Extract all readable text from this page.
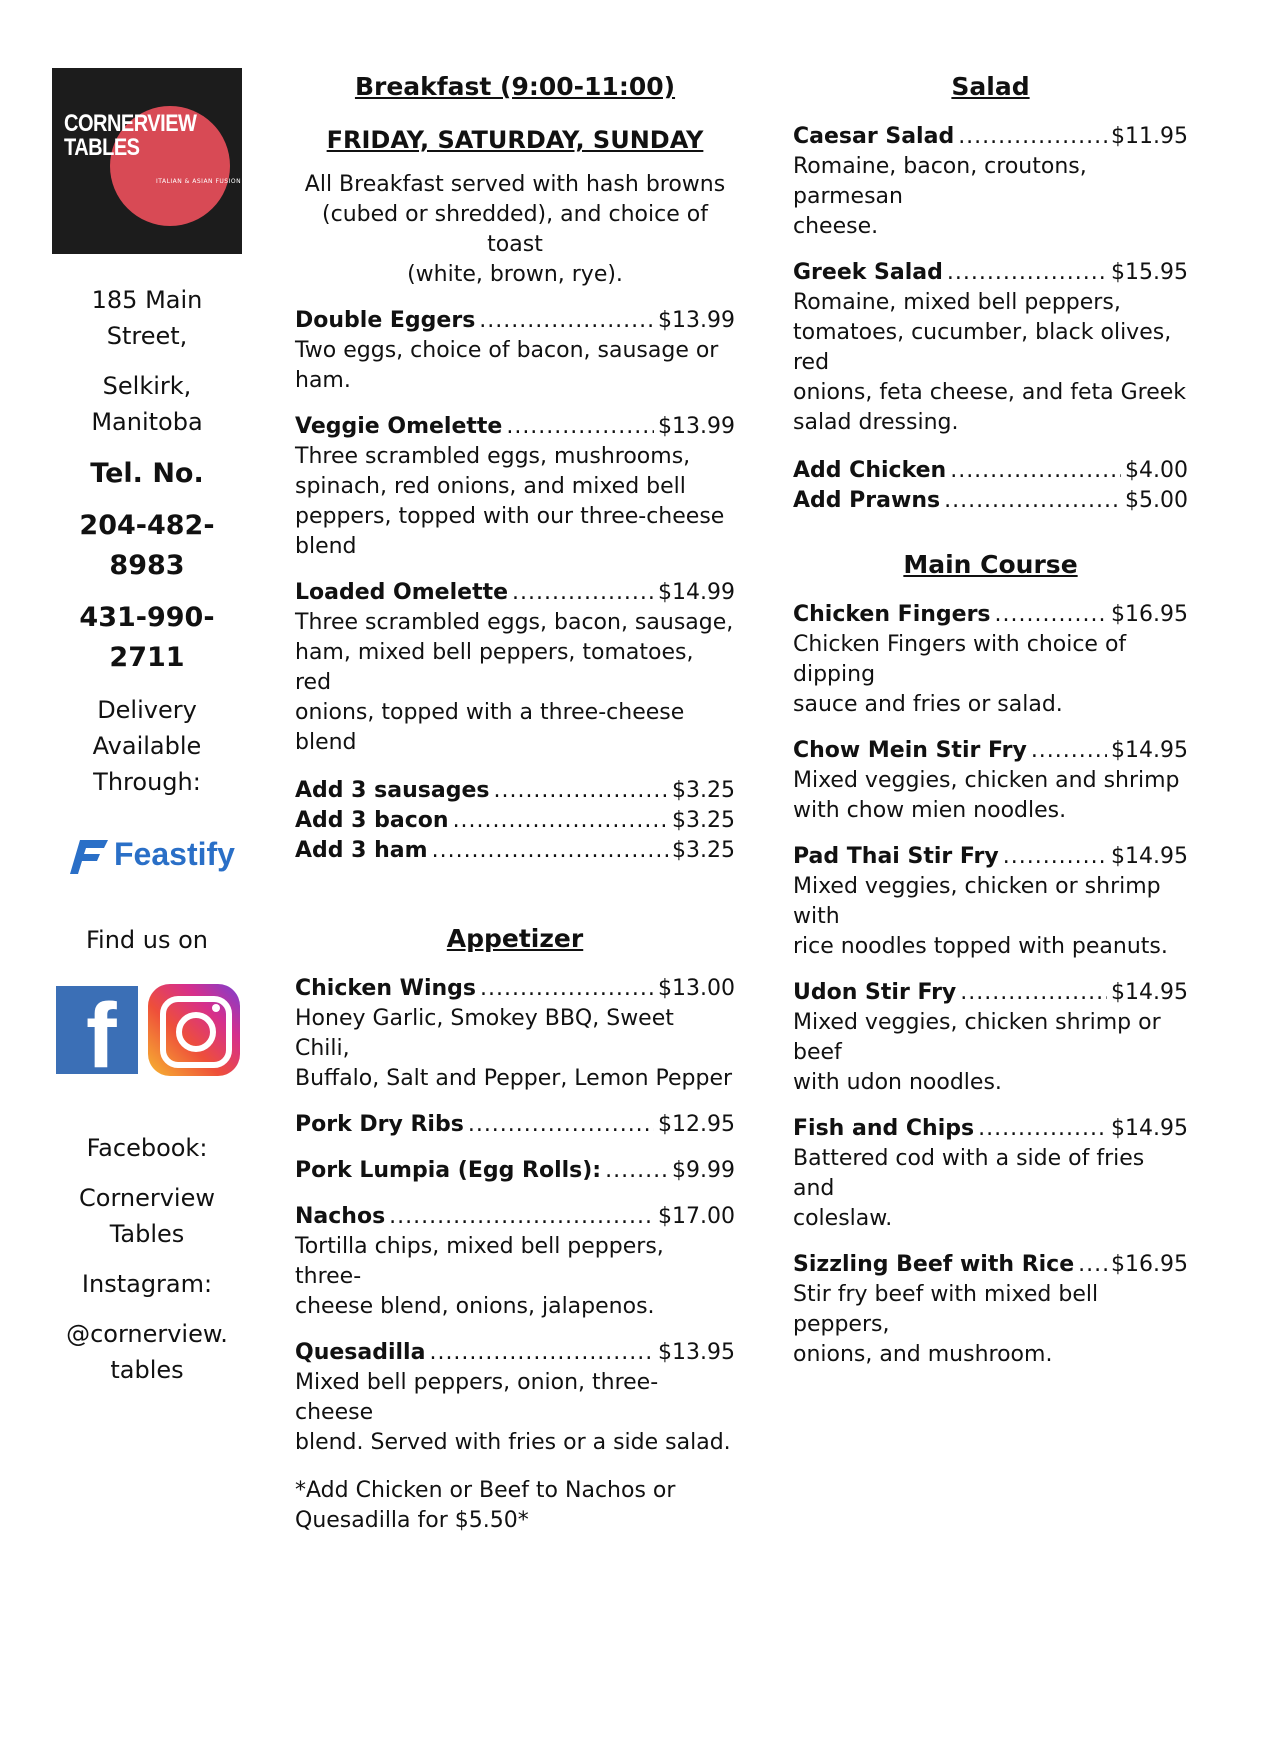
CORNERVIEW
TABLES
ITALIAN & ASIAN FUSION
185 Main
Street,
Selkirk,
Manitoba
Tel. No.
204-482-
8983
431-990-
2711
Delivery
Available
Through:
Feastify
Find us on
f
Facebook:
Cornerview
Tables
Instagram:
@cornerview.
tables
Breakfast (9:00-11:00)
FRIDAY, SATURDAY, SUNDAY
All Breakfast served with hash browns
(cubed or shredded), and choice of toast
(white, brown, rye).
Double Eggers .....	$13.99
Two eggs, choice of bacon, sausage or
ham.
Veggie Omelette .....	$13.99
Three scrambled eggs, mushrooms,
spinach, red onions, and mixed bell
peppers, topped with our three-cheese
blend
Loaded Omelette .....	$14.99
Three scrambled eggs, bacon, sausage,
ham, mixed bell peppers, tomatoes, red
onions, topped with a three-cheese blend
Add 3 sausages .....	$3.25
Add 3 bacon .....	$3.25
Add 3 ham .....	$3.25
Appetizer
Chicken Wings .....	$13.00
Honey Garlic, Smokey BBQ, Sweet Chili,
Buffalo, Salt and Pepper, Lemon Pepper
Pork Dry Ribs .....	$12.95
Pork Lumpia (Egg Rolls): .....	$9.99
Nachos .....	$17.00
Tortilla chips, mixed bell peppers, three-
cheese blend, onions, jalapenos.
Quesadilla .....	$13.95
Mixed bell peppers, onion, three-cheese
blend. Served with fries or a side salad.
*Add Chicken or Beef to Nachos or
Quesadilla for $5.50*
Salad
Caesar Salad .....	$11.95
Romaine, bacon, croutons, parmesan
cheese.
Greek Salad .....	$15.95
Romaine, mixed bell peppers,
tomatoes, cucumber, black olives, red
onions, feta cheese, and feta Greek
salad dressing.
Add Chicken .....	$4.00
Add Prawns .....	$5.00
Main Course
Chicken Fingers .....	$16.95
Chicken Fingers with choice of dipping
sauce and fries or salad.
Chow Mein Stir Fry .....	$14.95
Mixed veggies, chicken and shrimp
with chow mien noodles.
Pad Thai Stir Fry .....	$14.95
Mixed veggies, chicken or shrimp with
rice noodles topped with peanuts.
Udon Stir Fry .....	$14.95
Mixed veggies, chicken shrimp or beef
with udon noodles.
Fish and Chips .....	$14.95
Battered cod with a side of fries and
coleslaw.
Sizzling Beef with Rice ..... $16.95
Stir fry beef with mixed bell peppers,
onions, and mushroom.
